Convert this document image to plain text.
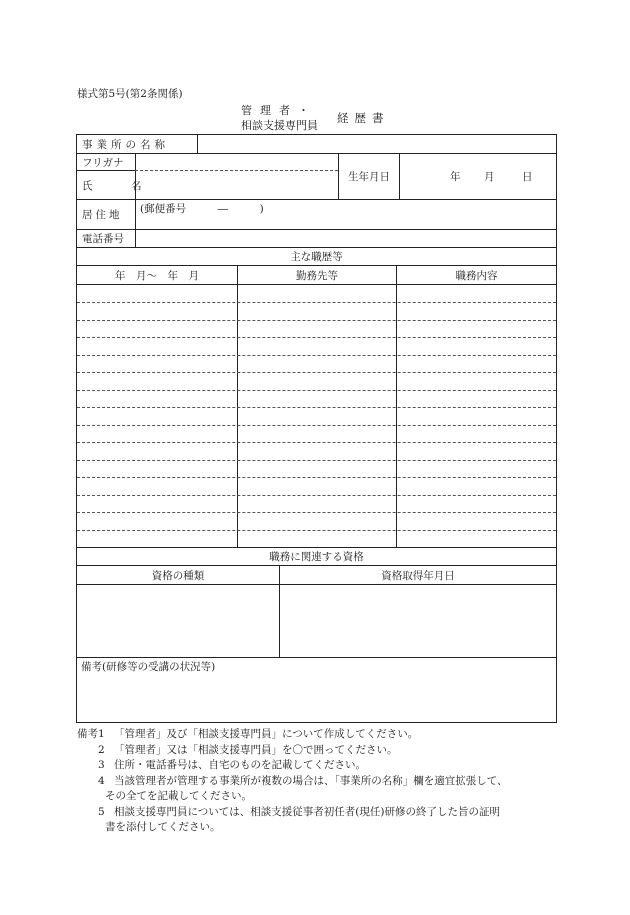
様式第5号(第2条関係)
管理者・
相談支援専門員
経歴書
事業所の名称
フリガナ
氏　名
生年月日	年 月	日
居住地 (郵便番号　　　―　　　)
電話番号
主な職歴等
年　月～　年　月	勤務先等	職務内容
職務に関連する資格
資格の種類	資格取得年月日
備考(研修等の受講の状況等)
備考1 「管理者」及び「相談支援専門員」について作成してください。
2 「管理者」又は「相談支援専門員」を〇で囲ってください。
3 住所・電話番号は、自宅のものを記載してください。
4 当該管理者が管理する事業所が複数の場合は、「事業所の名称」欄を適宜拡張して、
その全てを記載してください。
5 相談支援専門員については、相談支援従事者初任者(現任)研修の終了した旨の証明
書を添付してください。
